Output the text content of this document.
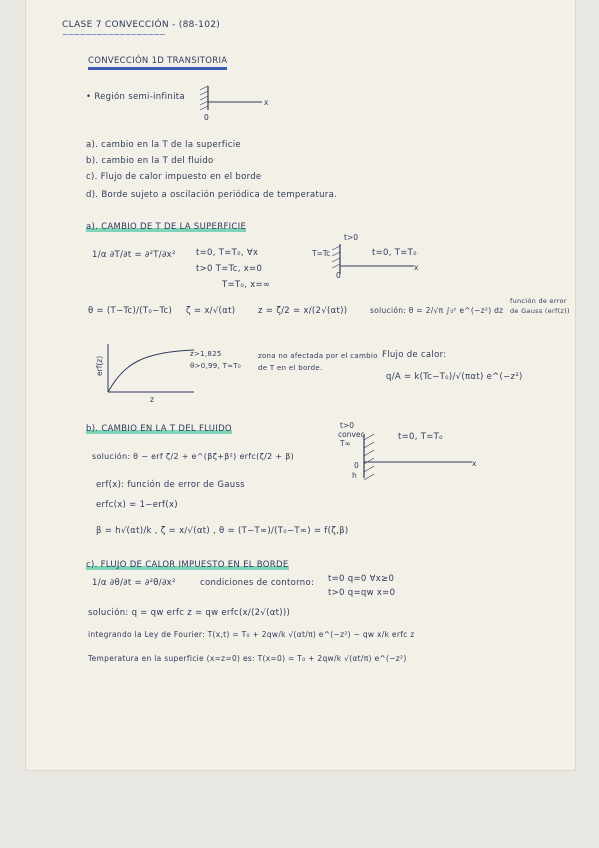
CLASE 7 CONVECCIÓN - (88-102)
~~~~~~~~~~~~~~~~~~
CONVECCIÓN 1D TRANSITORIA
• Región semi-infinita
x
0
a). cambio en la T de la superficie
b). cambio en la T del fluido
c). Flujo de calor impuesto en el borde
d). Borde sujeto a oscilación periódica de temperatura.
a). CAMBIO DE T DE LA SUPERFICIE
1/α ∂T/∂t = ∂²T/∂x² t=0, T=T₀, ∀x
t>0 T=Tc, x=0
T=T₀, x=∞
t>0
T=Tc
0
x
t=0, T=T₀
θ = (T−Tc)/(T₀−Tc) ζ = x/√(αt)	z = ζ/2 = x/(2√(αt))	solución: θ = 2/√π ∫₀ᶻ e^(−z²) dz
función de error de Gauss (erf(z))
erf(z)
z
z>1,825
θ>0,99, T≈T₀
zona no afectada por el cambio de T en el borde.
Flujo de calor:
q/A = k(Tc−T₀)/√(παt) e^(−z²)
b). CAMBIO EN LA T DEL FLUIDO
solución: θ − erf ζ/2 + e^(βζ+β²) erfc(ζ/2 + β)
t>0
convec
T∞
0
h
x
t=0, T=T₀
erf(x): función de error de Gauss
erfc(x) = 1−erf(x)
β = h√(αt)/k , ζ = x/√(αt) , θ = (T−T∞)/(T₀−T∞) = f(ζ,β)
c). FLUJO DE CALOR IMPUESTO EN EL BORDE
1/α ∂θ/∂t = ∂²θ/∂x²	condiciones de contorno: t=0 q=0 ∀x≥0
t>0 q=qw x=0
solución: q = qw erfc z = qw erfc(x/(2√(αt)))
integrando la Ley de Fourier: T(x,t) = T₀ + 2qw/k √(αt/π) e^(−z²) − qw x/k erfc z
Temperatura en la superficie (x=z=0) es: T(x=0) = T₀ + 2qw/k √(αt/π) e^(−z²)
